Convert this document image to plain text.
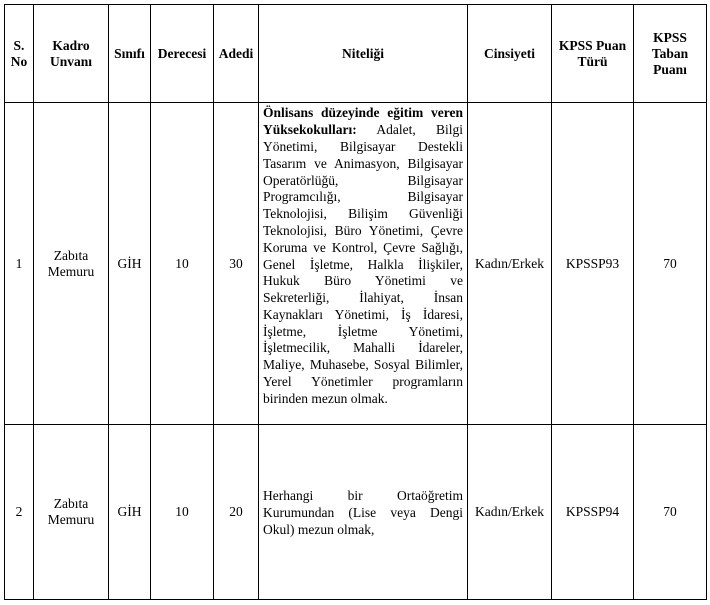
S. No	Kadro Unvanı	Sınıfı	Derecesi	Adedi	Niteliği	Cinsiyeti	KPSS Puan Türü	KPSS Taban Puanı
1	Zabıta Memuru	GİH	10	30	Önlisans düzeyinde eğitim veren Yüksekokulları: Adalet, Bilgi Yönetimi, Bilgisayar Destekli Tasarım ve Animasyon, Bilgisayar Operatörlüğü, Bilgisayar Programcılığı, Bilgisayar Teknolojisi, Bilişim Güvenliği Teknolojisi, Büro Yönetimi, Çevre Koruma ve Kontrol, Çevre Sağlığı, Genel İşletme, Halkla İlişkiler, Hukuk Büro Yönetimi ve Sekreterliği, İlahiyat, İnsan Kaynakları Yönetimi, İş İdaresi, İşletme, İşletme Yönetimi, İşletmecilik, Mahalli İdareler, Maliye, Muhasebe, Sosyal Bilimler, Yerel Yönetimler programların birinden mezun olmak.	Kadın/Erkek	KPSSP93	70
2	Zabıta Memuru	GİH	10	20	Herhangi bir Ortaöğretim Kurumundan (Lise veya Dengi Okul) mezun olmak,	Kadın/Erkek	KPSSP94	70
